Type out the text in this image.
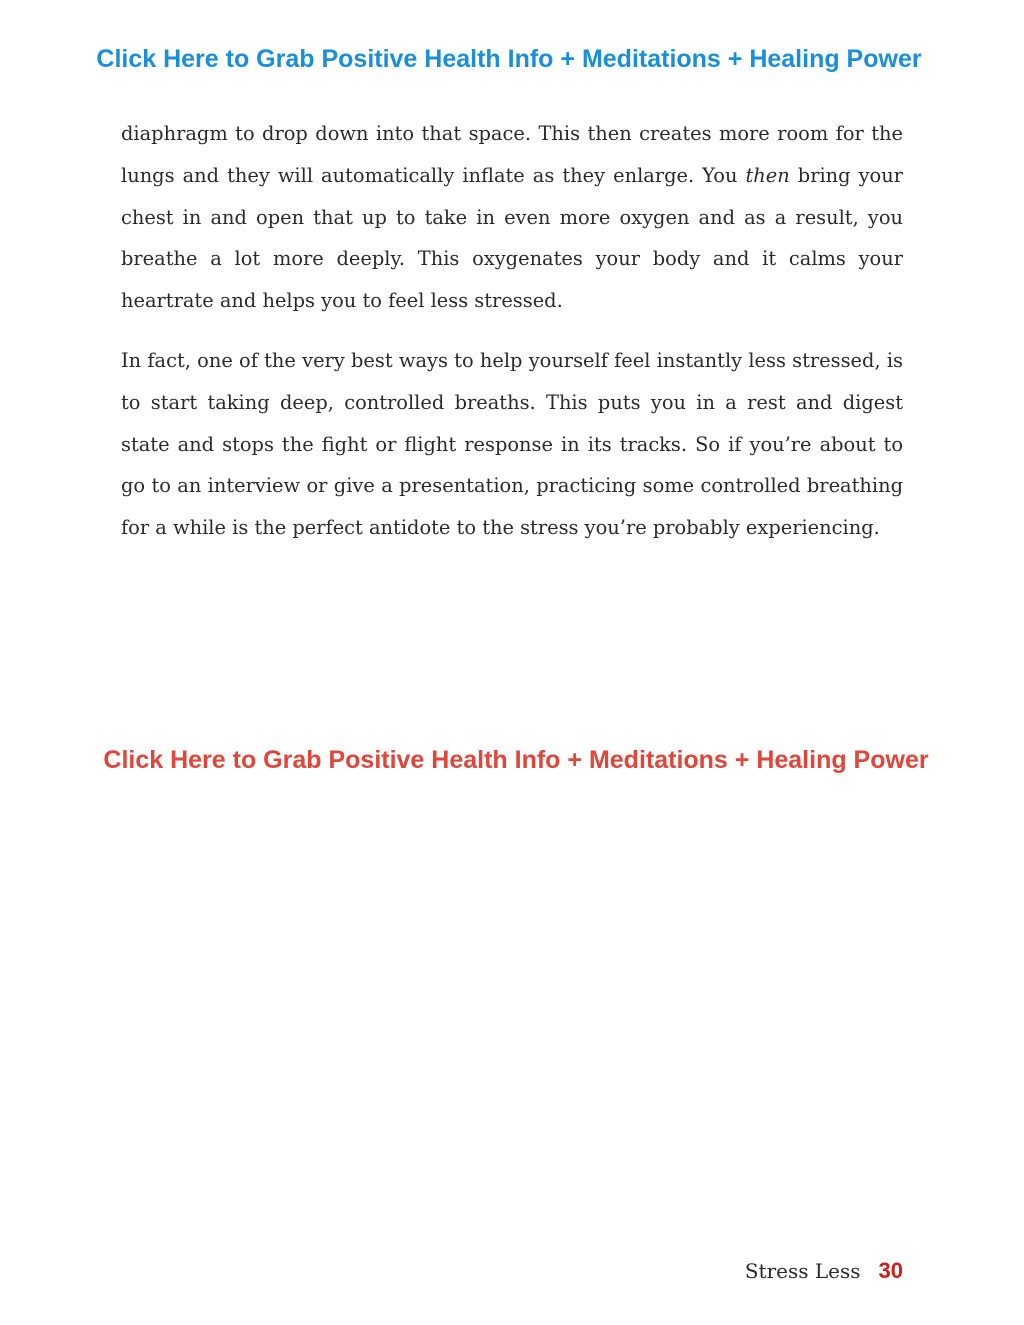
Click Here to Grab Positive Health Info + Meditations + Healing Power

diaphragm to drop down into that space. This then creates more room for the lungs and they will automatically inflate as they enlarge. You then bring your chest in and open that up to take in even more oxygen and as a result, you breathe a lot more deeply. This oxygenates your body and it calms your heartrate and helps you to feel less stressed.

In fact, one of the very best ways to help yourself feel instantly less stressed, is to start taking deep, controlled breaths. This puts you in a rest and digest state and stops the fight or flight response in its tracks. So if you’re about to go to an interview or give a presentation, practicing some controlled breathing for a while is the perfect antidote to the stress you’re probably experiencing.

Click Here to Grab Positive Health Info + Meditations + Healing Power
Stress Less 30
